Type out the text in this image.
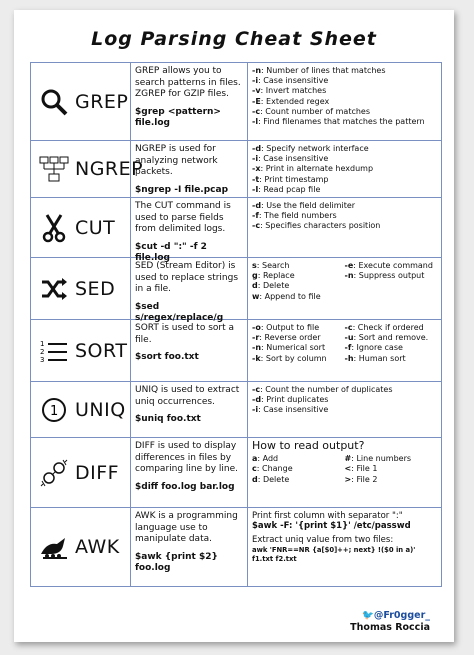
Log Parsing Cheat Sheet
GREP
GREP allows you to search patterns in files. ZGREP for GZIP files.
$grep <pattern> file.log
-n: Number of lines that matches
-i: Case insensitive
-v: Invert matches
-E: Extended regex
-c: Count number of matches
-l: Find filenames that matches the pattern
NGREP
NGREP is used for analyzing network packets.
$ngrep -I file.pcap
-d: Specify network interface
-i: Case insensitive
-x: Print in alternate hexdump
-t: Print timestamp
-I: Read pcap file
CUT
The CUT command is used to parse fields from delimited logs.
$cut -d ":" -f 2 file.log
-d: Use the field delimiter
-f: The field numbers
-c: Specifies characters position
SED
SED (Stream Editor) is used to replace strings in a file.
$sed s/regex/replace/g
s: Search
g: Replace
d: Delete
w: Append to file
-e: Execute command
-n: Suppress output
1
2
3 SORT
SORT is used to sort a file.
$sort foo.txt
-o: Output to file
-r: Reverse order
-n: Numerical sort
-k: Sort by column
-c: Check if ordered
-u: Sort and remove.
-f: Ignore case
-h: Human sort
1 UNIQ
UNIQ is used to extract uniq occurrences.
$uniq foo.txt
-c: Count the number of duplicates
-d: Print duplicates
-i: Case insensitive
DIFF
DIFF is used to display differences in files by comparing line by line.
$diff foo.log bar.log
How to read output?
a: Add
c: Change
d: Delete
#: Line numbers
<: File 1
>: File 2
AWK
AWK is a programming language use to manipulate data.
$awk {print $2} foo.log
Print first column with separator ":"
$awk -F: '{print $1}' /etc/passwd
Extract uniq value from two files:
awk 'FNR==NR {a[$0]++; next} !($0 in a)' f1.txt f2.txt
🐦@Fr0gger_
Thomas Roccia
